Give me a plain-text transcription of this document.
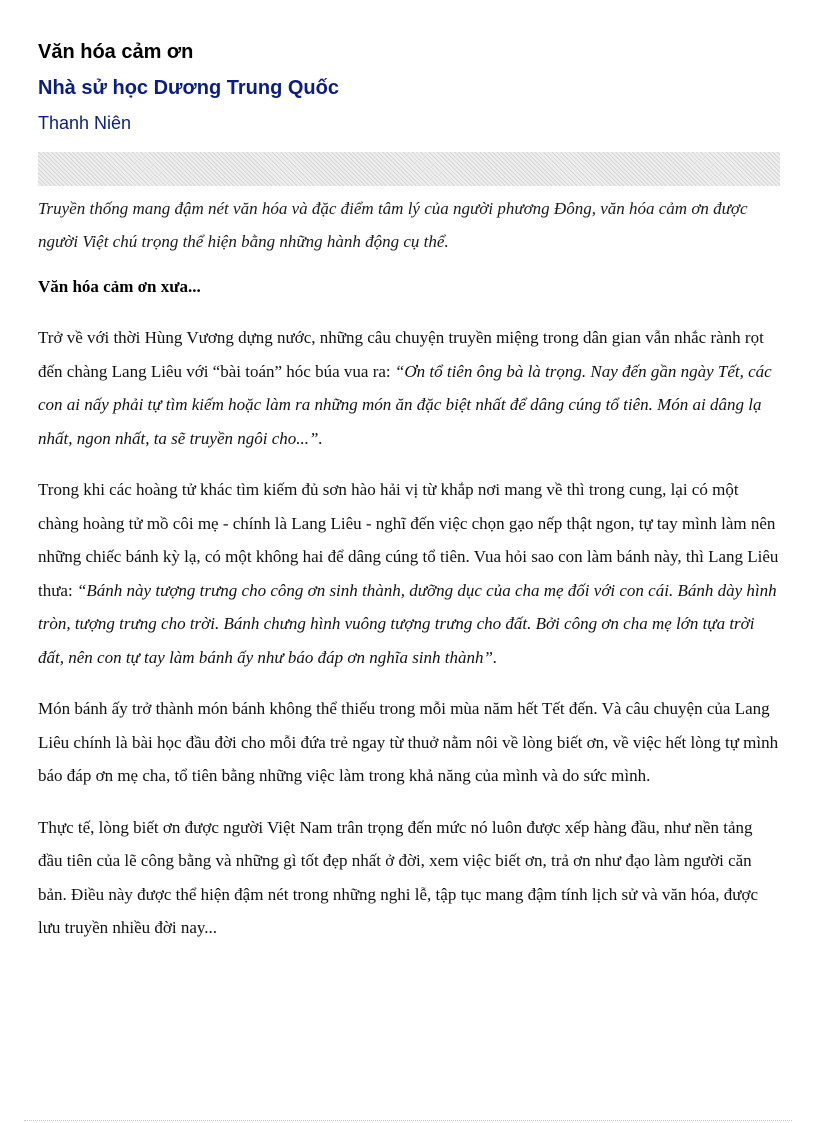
Văn hóa cảm ơn
Nhà sử học Dương Trung Quốc
Thanh Niên

Truyền thống mang đậm nét văn hóa và đặc điểm tâm lý của người phương Đông, văn hóa cảm ơn được người Việt chú trọng thể hiện bằng những hành động cụ thể.

Văn hóa cảm ơn xưa...

Trở về với thời Hùng Vương dựng nước, những câu chuyện truyền miệng trong dân gian vẫn nhắc rành rọt đến chàng Lang Liêu với “bài toán” hóc búa vua ra: “Ơn tổ tiên ông bà là trọng. Nay đến gần ngày Tết, các con ai nấy phải tự tìm kiếm hoặc làm ra những món ăn đặc biệt nhất để dâng cúng tổ tiên. Món ai dâng lạ nhất, ngon nhất, ta sẽ truyền ngôi cho...”.

Trong khi các hoàng tử khác tìm kiếm đủ sơn hào hải vị từ khắp nơi mang về thì trong cung, lại có một chàng hoàng tử mồ côi mẹ - chính là Lang Liêu - nghĩ đến việc chọn gạo nếp thật ngon, tự tay mình làm nên những chiếc bánh kỳ lạ, có một không hai để dâng cúng tổ tiên. Vua hỏi sao con làm bánh này, thì Lang Liêu thưa: “Bánh này tượng trưng cho công ơn sinh thành, dưỡng dục của cha mẹ đối với con cái. Bánh dày hình tròn, tượng trưng cho trời. Bánh chưng hình vuông tượng trưng cho đất. Bởi công ơn cha mẹ lớn tựa trời đất, nên con tự tay làm bánh ấy như báo đáp ơn nghĩa sinh thành”.

Món bánh ấy trở thành món bánh không thể thiếu trong mỗi mùa năm hết Tết đến. Và câu chuyện của Lang Liêu chính là bài học đầu đời cho mỗi đứa trẻ ngay từ thuở nằm nôi về lòng biết ơn, về việc hết lòng tự mình báo đáp ơn mẹ cha, tổ tiên bằng những việc làm trong khả năng của mình và do sức mình.

Thực tế, lòng biết ơn được người Việt Nam trân trọng đến mức nó luôn được xếp hàng đầu, như nền tảng đầu tiên của lẽ công bằng và những gì tốt đẹp nhất ở đời, xem việc biết ơn, trả ơn như đạo làm người căn bản. Điều này được thể hiện đậm nét trong những nghi lễ, tập tục mang đậm tính lịch sử và văn hóa, được lưu truyền nhiều đời nay...
